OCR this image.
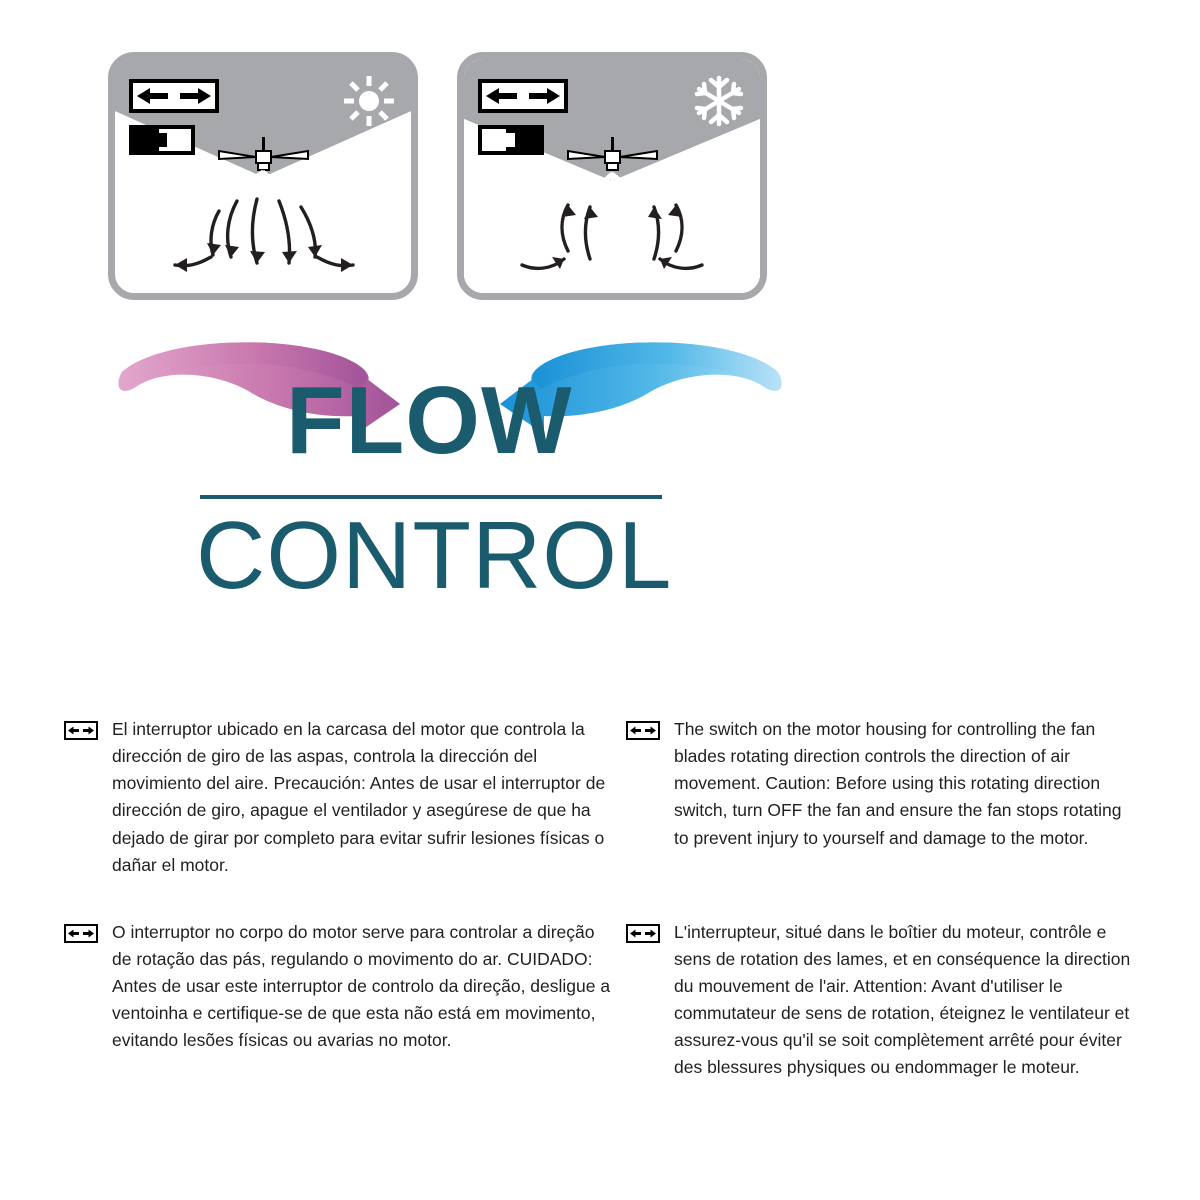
FLOW
CONTROL

El interruptor ubicado en la carcasa del motor que controla la dirección de giro de las aspas, controla la dirección del movimiento del aire. Precaución: Antes de usar el interruptor de dirección de giro, apague el ventilador y asegúrese de que ha dejado de girar por completo para evitar sufrir lesiones físicas o dañar el motor.

The switch on the motor housing for controlling the fan blades rotating direction controls the direction of air movement. Caution: Before using this rotating direction switch, turn OFF the fan and ensure the fan stops rotating to prevent injury to yourself and damage to the motor.

O interruptor no corpo do motor serve para controlar a direção de rotação das pás, regulando o movimento do ar. CUIDADO: Antes de usar este interruptor de controlo da direção, desligue a ventoinha e certifique-se de que esta não está em movimento, evitando lesões físicas ou avarias no motor.

L'interrupteur, situé dans le boîtier du moteur, contrôle e sens de rotation des lames, et en conséquence la direction du mouvement de l'air. Attention: Avant d'utiliser le commutateur de sens de rotation, éteignez le ventilateur et assurez-vous qu'il se soit complètement arrêté pour éviter des blessures physiques ou endommager le moteur.
